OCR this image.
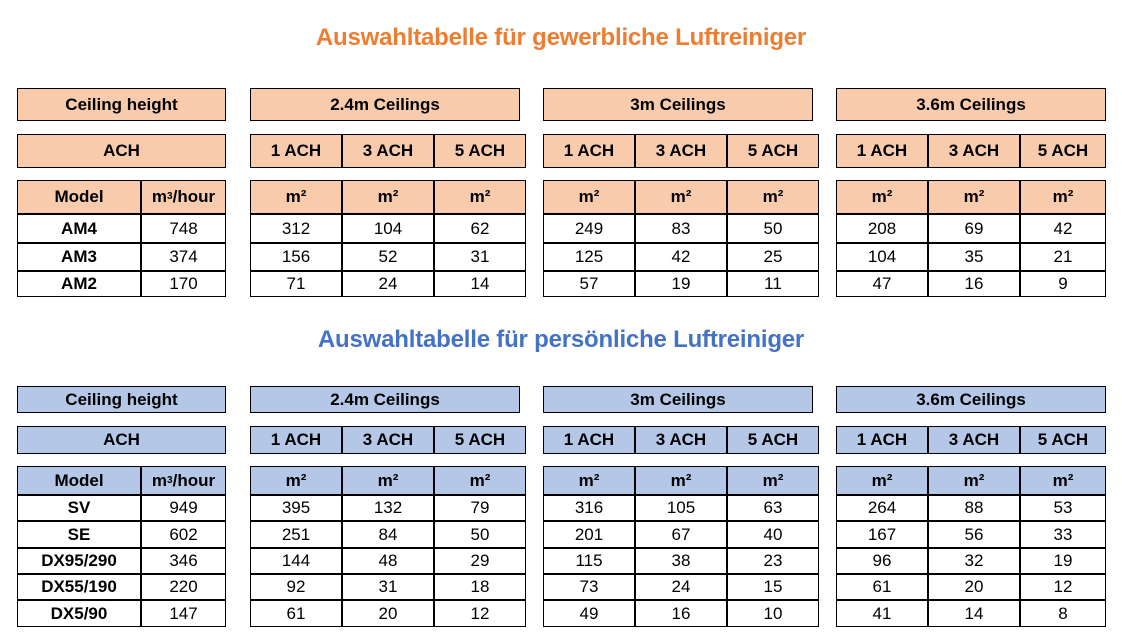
Auswahltabelle für gewerbliche Luftreiniger
Ceiling height	2.4m Ceilings	3m Ceilings	3.6m Ceilings
ACH	1 ACH	3 ACH	5 ACH	1 ACH	3 ACH	5 ACH	1 ACH	3 ACH	5 ACH
Model	m 3 /hour	m²	m²	m²	m²	m²	m²	m²	m²	m²
AM4	748	312	104	62	249	83	50	208	69	42
AM3	374	156	52	31	125	42	25	104	35	21
AM2	170	71	24	14	57	19	11	47	16	9
Auswahltabelle für persönliche Luftreiniger
Ceiling height	2.4m Ceilings	3m Ceilings	3.6m Ceilings
ACH	1 ACH	3 ACH	5 ACH	1 ACH	3 ACH	5 ACH	1 ACH	3 ACH	5 ACH
Model	m 3 /hour	m²	m²	m²	m²	m²	m²	m²	m²	m²
SV	949	395	132	79	316	105	63	264	88	53
SE	602	251	84	50	201	67	40	167	56	33
DX95/290	346	144	48	29	115	38	23	96	32	19
DX55/190	220	92	31	18	73	24	15	61	20	12
DX5/90	147	61	20	12	49	16	10	41	14	8
